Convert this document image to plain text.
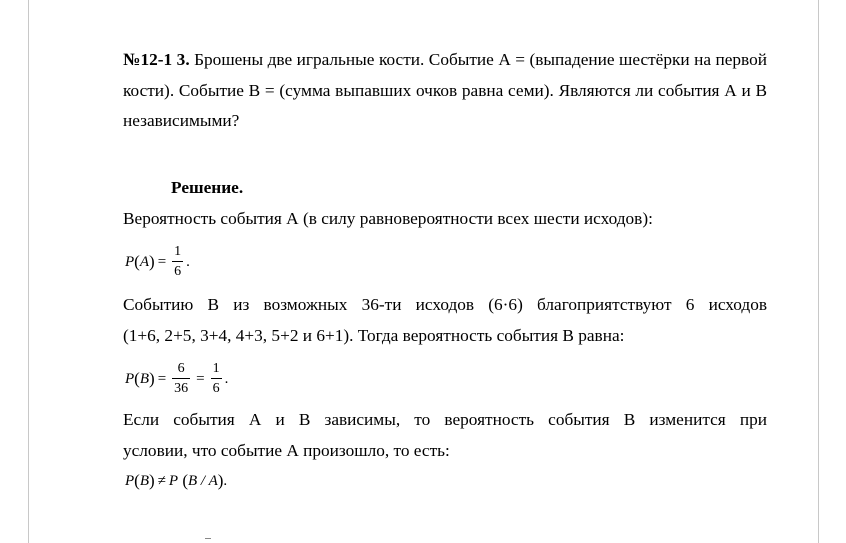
№12-1 3. Брошены две игральные кости. Событие А = (выпадение шестёрки на первой кости). Событие В = (сумма выпавших очков равна семи). Являются ли события А и В независимыми?

Решение.

Вероятность события А (в силу равновероятности всех шести исходов):

P ( A ) = $\frac{1}{6}$ .

Событию В из возможных 36-ти исходов (6·6) благоприятствуют 6 исходов

(1+6, 2+5, 3+4, 4+3, 5+2 и 6+1). Тогда вероятность события В равна:

P ( B ) = $\frac{6}{36} = \frac{1}{6}$ .

Если события А и В зависимы, то вероятность события В изменится при

условии, что событие А произошло, то есть:

P ( B ) ≠ P ( B / A ) .
